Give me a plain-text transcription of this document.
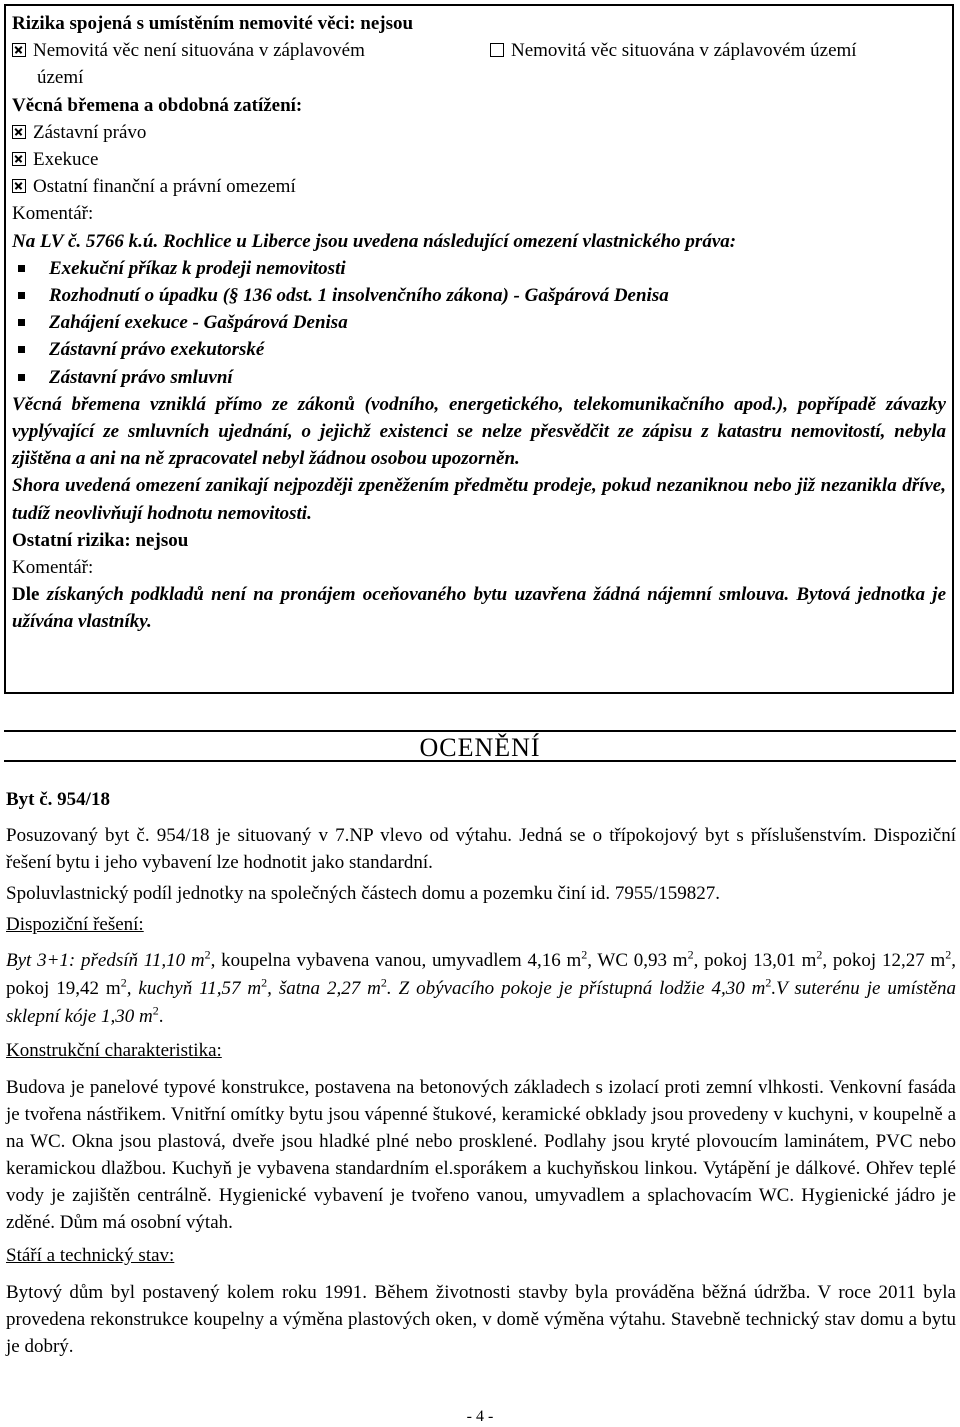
Rizika spojená s umístěním nemovité věci: nejsou
Nemovitá věc není situována v záplavovém	Nemovitá věc situována v záplavovém území
území
Věcná břemena a obdobná zatížení:
Zástavní právo
Exekuce
Ostatní finanční a právní omezemí
Komentář:
Na LV č. 5766 k.ú. Rochlice u Liberce jsou uvedena následující omezení vlastnického práva:
Exekuční příkaz k prodeji nemovitosti
Rozhodnutí o úpadku (§ 136 odst. 1 insolvenčního zákona) - Gašpárová Denisa
Zahájení exekuce - Gašpárová Denisa
Zástavní právo exekutorské
Zástavní právo smluvní
Věcná břemena vzniklá přímo ze zákonů (vodního, energetického, telekomunikačního apod.), popřípadě závazky vyplývající ze smluvních ujednání, o jejichž existenci se nelze přesvědčit ze zápisu z katastru nemovitostí, nebyla zjištěna a ani na ně zpracovatel nebyl žádnou osobou upozorněn.
Shora uvedená omezení zanikají nejpozději zpeněžením předmětu prodeje, pokud nezaniknou nebo již nezanikla dříve, tudíž neovlivňují hodnotu nemovitosti.
Ostatní rizika: nejsou
Komentář:
Dle získaných podkladů není na pronájem oceňovaného bytu uzavřena žádná nájemní smlouva. Bytová jednotka je užívána vlastníky.
OCENĚNÍ
Byt č. 954/18
Posuzovaný byt č. 954/18 je situovaný v 7.NP vlevo od výtahu. Jedná se o třípokojový byt s příslušenstvím. Dispoziční řešení bytu i jeho vybavení lze hodnotit jako standardní.
Spoluvlastnický podíl jednotky na společných částech domu a pozemku činí id. 7955/159827.
Dispoziční řešení:
Byt 3+1: předsíň 11,10 $m^2$, koupelna vybavena vanou, umyvadlem 4,16 $m^2$, WC 0,93 $m^2$, pokoj 13,01 $m^2$, pokoj 12,27 $m^2$, pokoj 19,42 $m^2$, kuchyň 11,57 $m^2$, šatna 2,27 $m^2$. Z obývacího pokoje je přístupná lodžie 4,30 $m^2.V$ suterénu je umístěna sklepní kóje 1,30 $m^2$.
Konstrukční charakteristika:
Budova je panelové typové konstrukce, postavena na betonových základech s izolací proti zemní vlhkosti. Venkovní fasáda je tvořena nástřikem. Vnitřní omítky bytu jsou vápenné štukové, keramické obklady jsou provedeny v kuchyni, v koupelně a na WC. Okna jsou plastová, dveře jsou hladké plné nebo prosklené. Podlahy jsou kryté plovoucím laminátem, PVC nebo keramickou dlažbou. Kuchyň je vybavena standardním el.sporákem a kuchyňskou linkou. Vytápění je dálkové. Ohřev teplé vody je zajištěn centrálně. Hygienické vybavení je tvořeno vanou, umyvadlem a splachovacím WC. Hygienické jádro je zděné. Dům má osobní výtah.
Stáří a technický stav:
Bytový dům byl postavený kolem roku 1991. Během životnosti stavby byla prováděna běžná údržba. V roce 2011 byla provedena rekonstrukce koupelny a výměna plastových oken, v domě výměna výtahu. Stavebně technický stav domu a bytu je dobrý.
- 4 -
